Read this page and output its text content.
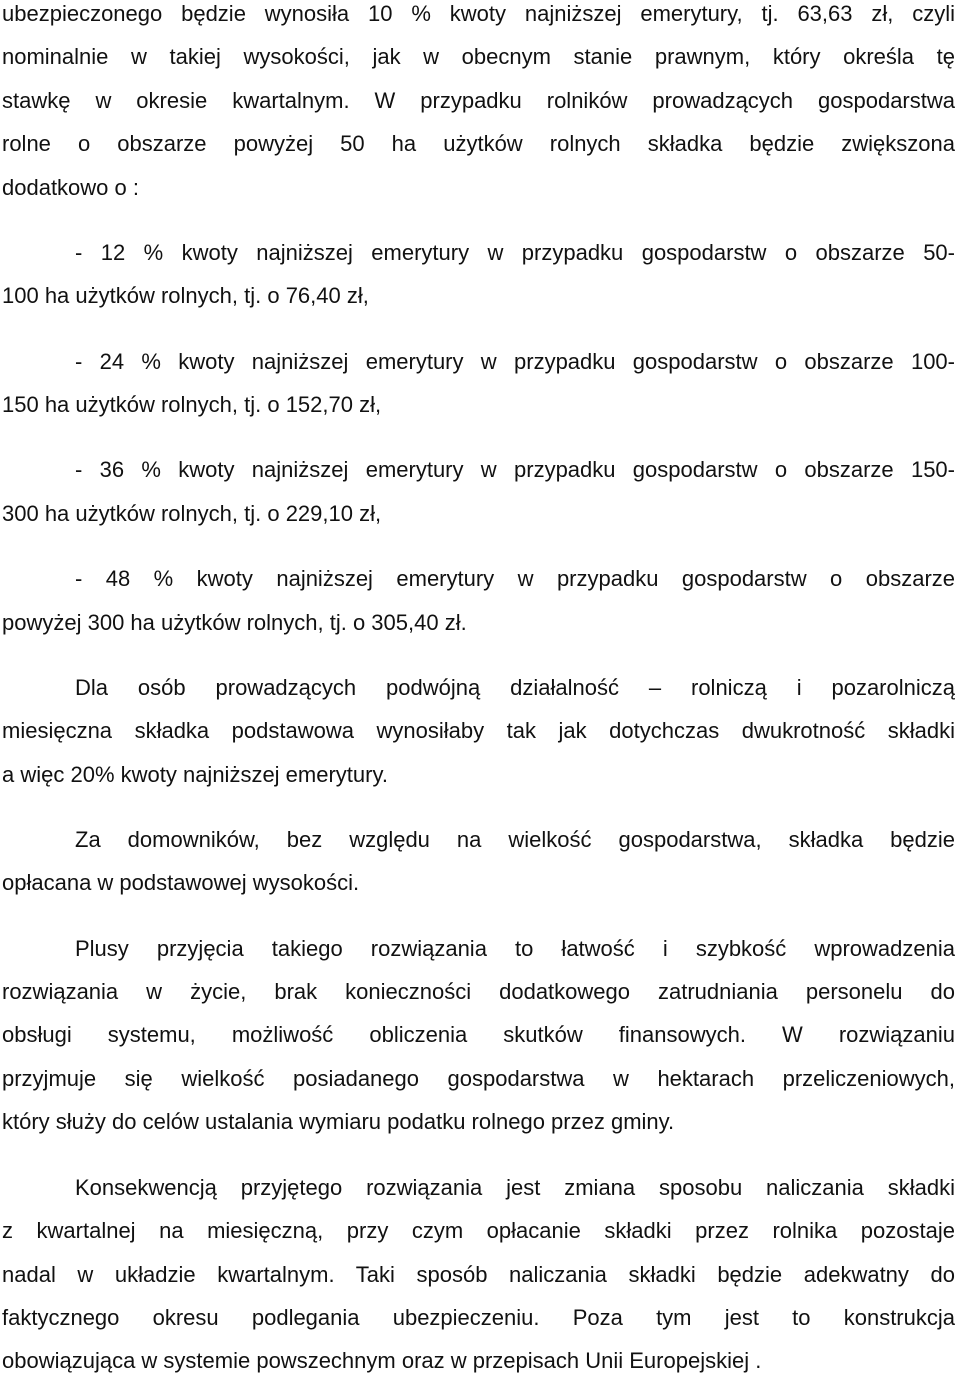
ubezpieczonego będzie wynosiła 10 % kwoty najniższej emerytury, tj. 63,63 zł, czyli
nominalnie w takiej wysokości, jak w obecnym stanie prawnym, który określa tę
stawkę w okresie kwartalnym. W przypadku rolników prowadzących gospodarstwa
rolne o obszarze powyżej 50 ha użytków rolnych składka będzie zwiększona
dodatkowo o :
- 12 % kwoty najniższej emerytury w przypadku gospodarstw o obszarze 50-
100 ha użytków rolnych, tj. o 76,40 zł,
- 24 % kwoty najniższej emerytury w przypadku gospodarstw o obszarze 100-
150 ha użytków rolnych, tj. o 152,70 zł,
- 36 % kwoty najniższej emerytury w przypadku gospodarstw o obszarze 150-
300 ha użytków rolnych, tj. o 229,10 zł,
- 48 % kwoty najniższej emerytury w przypadku gospodarstw o obszarze
powyżej 300 ha użytków rolnych, tj. o 305,40 zł.
Dla osób prowadzących podwójną działalność – rolniczą i pozarolniczą
miesięczna składka podstawowa wynosiłaby tak jak dotychczas dwukrotność składki
a więc 20% kwoty najniższej emerytury.
Za domowników, bez względu na wielkość gospodarstwa, składka będzie
opłacana w podstawowej wysokości.
Plusy przyjęcia takiego rozwiązania to łatwość i szybkość wprowadzenia
rozwiązania w życie, brak konieczności dodatkowego zatrudniania personelu do
obsługi systemu, możliwość obliczenia skutków finansowych. W rozwiązaniu
przyjmuje się wielkość posiadanego gospodarstwa w hektarach przeliczeniowych,
który służy do celów ustalania wymiaru podatku rolnego przez gminy.
Konsekwencją przyjętego rozwiązania jest zmiana sposobu naliczania składki
z kwartalnej na miesięczną, przy czym opłacanie składki przez rolnika pozostaje
nadal w układzie kwartalnym. Taki sposób naliczania składki będzie adekwatny do
faktycznego okresu podlegania ubezpieczeniu. Poza tym jest to konstrukcja
obowiązująca w systemie powszechnym oraz w przepisach Unii Europejskiej .
